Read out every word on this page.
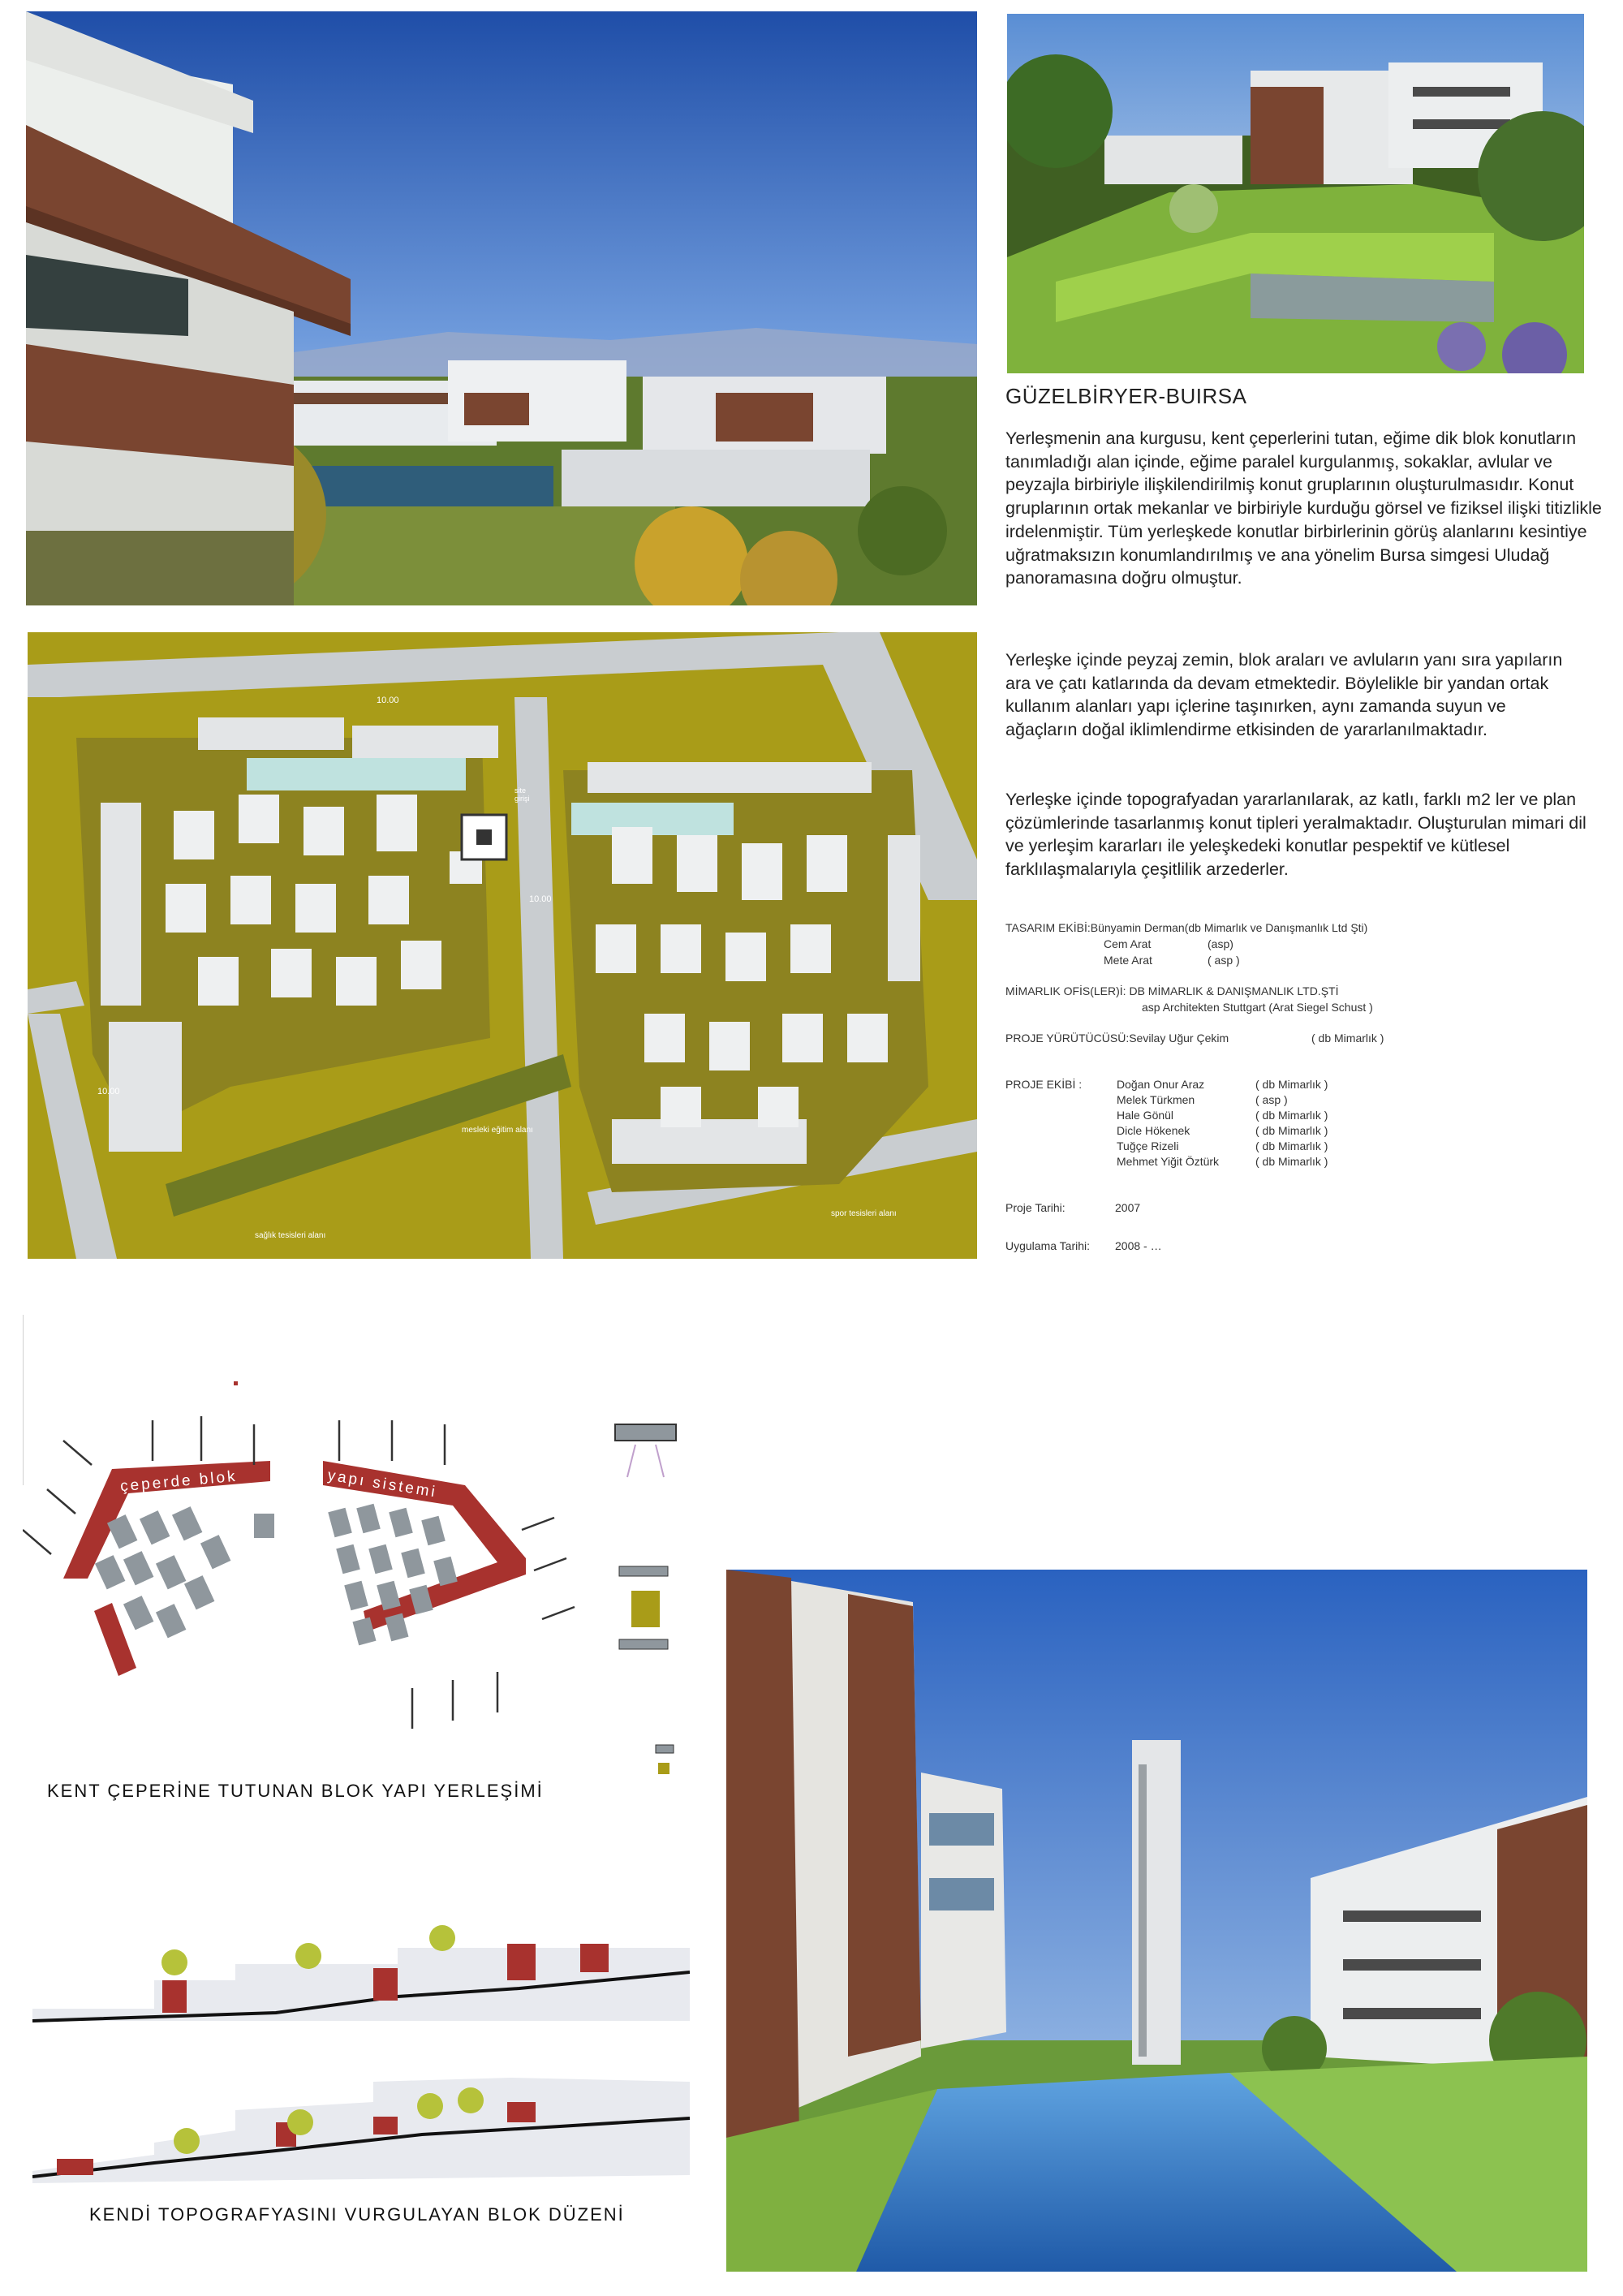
GÜZELBİRYER-BUIRSA

Yerleşmenin ana kurgusu, kent çeperlerini tutan, eğime dik blok konutların tanımladığı alan içinde, eğime paralel kurgulanmış, sokaklar, avlular ve peyzajla birbiriyle ilişkilendirilmiş konut gruplarının oluşturulmasıdır. Konut gruplarının ortak mekanlar ve birbiriyle kurduğu görsel ve fiziksel ilişki titizlikle irdelenmiştir. Tüm yerleşkede konutlar birbirlerinin görüş alanlarını kesintiye uğratmaksızın konumlandırılmış ve ana yönelim Bursa simgesi Uludağ panoramasına doğru olmuştur.

Yerleşke içinde peyzaj zemin, blok araları ve avluların yanı sıra yapıların ara ve çatı katlarında da devam etmektedir. Böylelikle bir yandan ortak kullanım alanları yapı içlerine taşınırken, aynı zamanda suyun ve ağaçların doğal iklimlendirme etkisinden de yararlanılmaktadır.

Yerleşke içinde topografyadan yararlanılarak, az katlı, farklı m2 ler ve plan çözümlerinde tasarlanmış konut tipleri yeralmaktadır. Oluşturulan mimari dil ve yerleşim kararları ile yeleşkedeki konutlar pespektif ve kütlesel farklılaşmalarıyla çeşitlilik arzederler.

TASARIM EKİBİ:Bünyamin Derman(db Mimarlık ve Danışmanlık Ltd Şti)
Cem Arat	(asp)
Mete Arat	( asp )
MİMARLIK OFİS(LER)İ: DB MİMARLIK & DANIŞMANLIK LTD.ŞTİ
asp Architekten Stuttgart (Arat Siegel Schust )
PROJE YÜRÜTÜCÜSÜ:Sevilay Uğur Çekim	( db Mimarlık )
PROJE EKİBİ :	Doğan Onur Araz	( db Mimarlık )
Melek Türkmen	( asp )
Hale Gönül	( db Mimarlık )
Dicle Hökenek	( db Mimarlık )
Tuğçe Rizeli	( db Mimarlık )
Mehmet Yiğit Öztürk	( db Mimarlık )
Proje Tarihi:	2007
Uygulama Tarihi: 2008 - …
10.00
10.00
10.00
site girişi
mesleki eğitim alanı
sağlık tesisleri alanı
spor tesisleri alanı
çeperde blok	yapı sistemi
KENT ÇEPERİNE TUTUNAN BLOK YAPI YERLEŞİMİ
KENDİ TOPOGRAFYASINI VURGULAYAN BLOK DÜZENİ
